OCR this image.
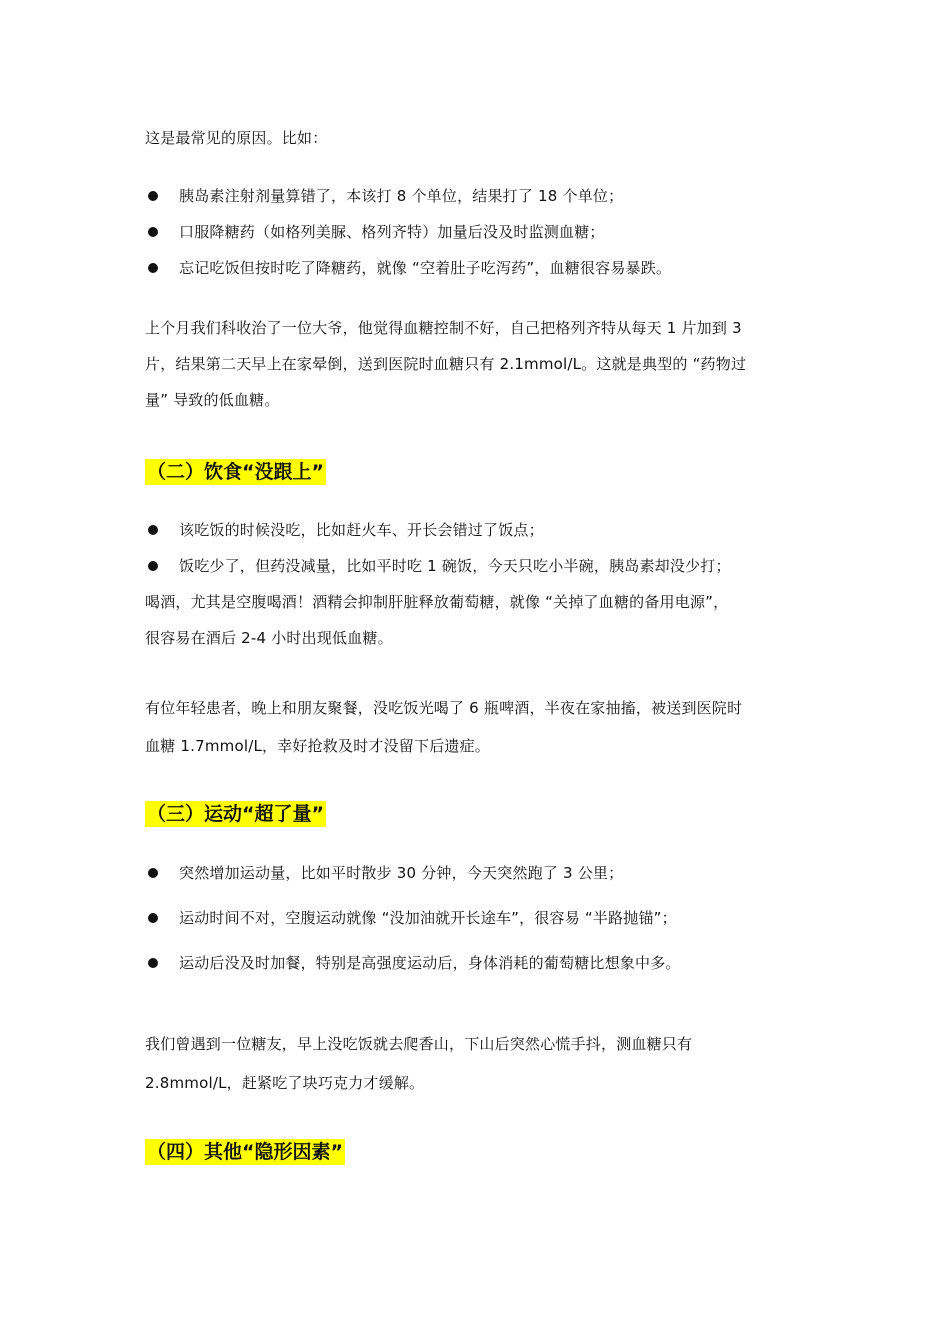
这是最常见的原因。比如：
胰岛素注射剂量算错了，本该打 8 个单位，结果打了 18 个单位；
口服降糖药（如格列美脲、格列齐特）加量后没及时监测血糖；
忘记吃饭但按时吃了降糖药，就像 “空着肚子吃泻药”，血糖很容易暴跌。
上个月我们科收治了一位大爷，他觉得血糖控制不好，自己把格列齐特从每天 1 片加到 3
片，结果第二天早上在家晕倒，送到医院时血糖只有 2.1mmol/L。这就是典型的 “药物过
量” 导致的低血糖。
（二）饮食“没跟上”
该吃饭的时候没吃，比如赶火车、开长会错过了饭点；
饭吃少了，但药没减量，比如平时吃 1 碗饭，今天只吃小半碗，胰岛素却没少打；
喝酒，尤其是空腹喝酒！酒精会抑制肝脏释放葡萄糖，就像 “关掉了血糖的备用电源”，
很容易在酒后 2-4 小时出现低血糖。
有位年轻患者，晚上和朋友聚餐，没吃饭光喝了 6 瓶啤酒，半夜在家抽搐，被送到医院时
血糖 1.7mmol/L，幸好抢救及时才没留下后遗症。
（三）运动“超了量”
突然增加运动量，比如平时散步 30 分钟，今天突然跑了 3 公里；
运动时间不对，空腹运动就像 “没加油就开长途车”，很容易 “半路抛锚”；
运动后没及时加餐，特别是高强度运动后，身体消耗的葡萄糖比想象中多。
我们曾遇到一位糖友，早上没吃饭就去爬香山，下山后突然心慌手抖，测血糖只有
2.8mmol/L，赶紧吃了块巧克力才缓解。
（四）其他“隐形因素”
